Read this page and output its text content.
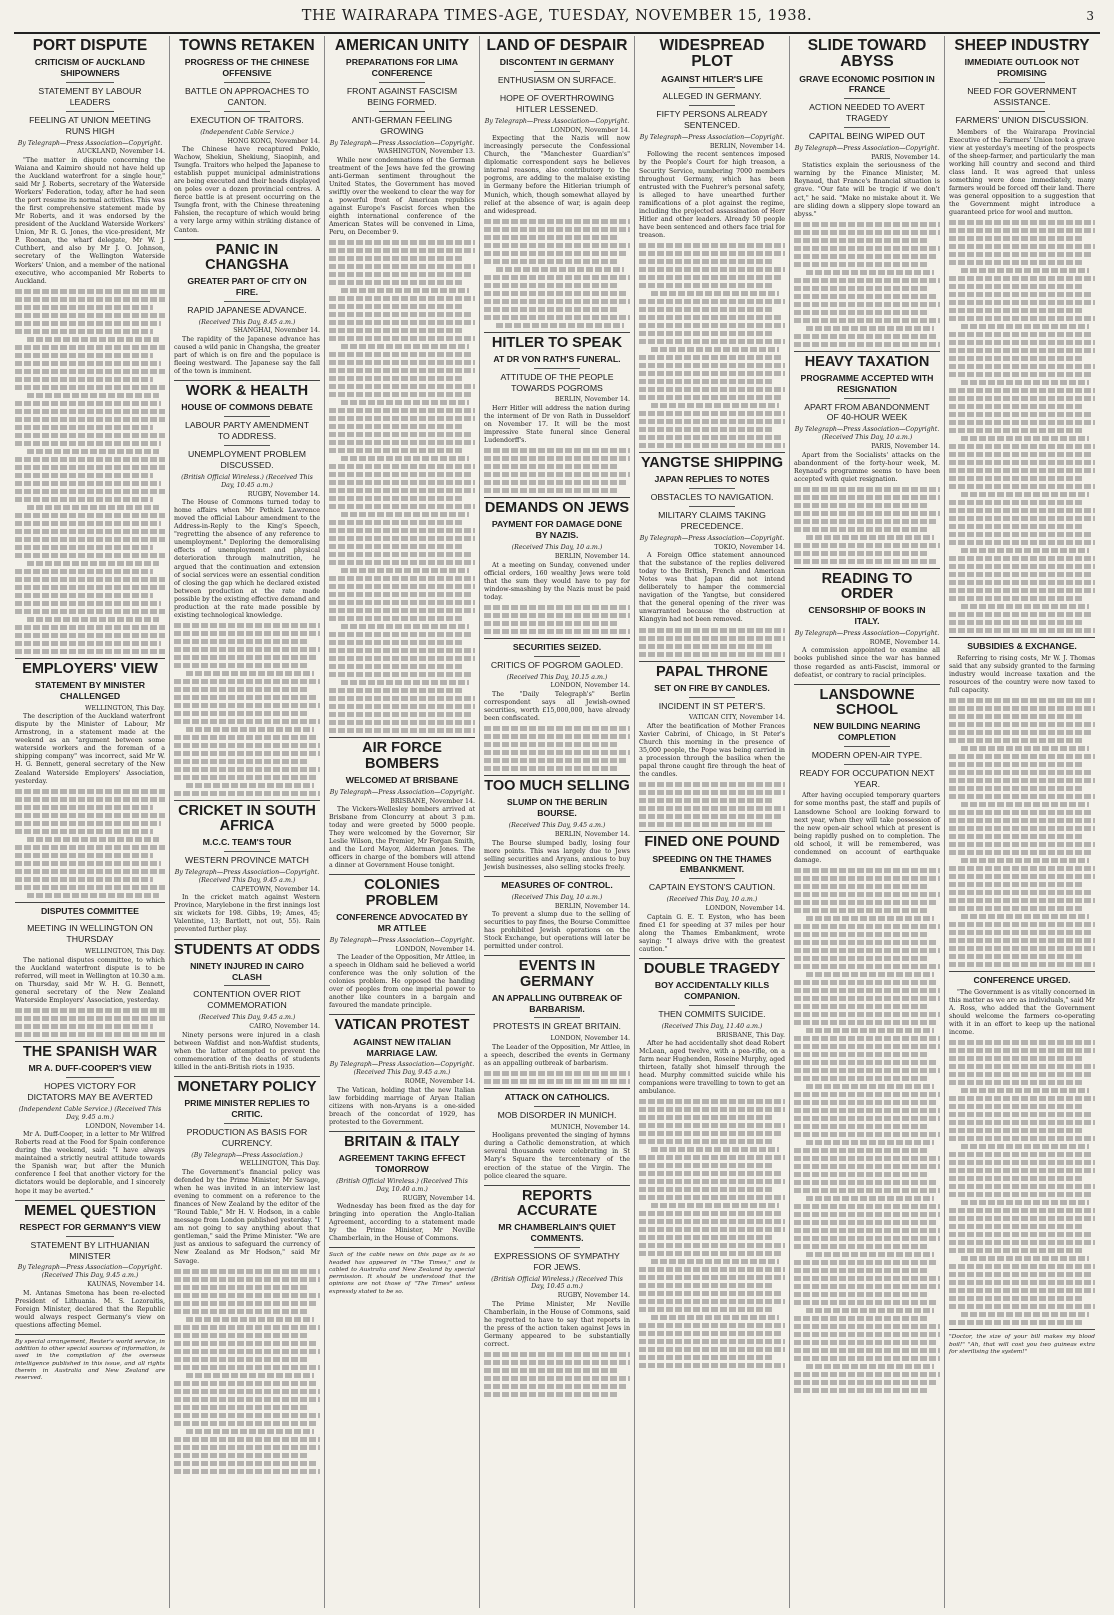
THE WAIRARAPA TIMES-AGE, TUESDAY, NOVEMBER 15, 1938.	3
PORT DISPUTE
CRITICISM OF AUCKLAND SHIPOWNERS
STATEMENT BY LABOUR LEADERS
FEELING AT UNION MEETING RUNS HIGH
By Telegraph—Press Association—Copyright.
AUCKLAND, November 14.

"The matter in dispute concerning the Waiana and Kaimiro should not have held up the Auckland waterfront for a single hour," said Mr J. Roberts, secretary of the Waterside Workers' Federation, today, after he had seen the port resume its normal activities. This was the first comprehensive statement made by Mr Roberts, and it was endorsed by the president of the Auckland Waterside Workers' Union, Mr R. G. Jones, the vice-president, Mr P. Roonan, the wharf delegate, Mr W. J. Cuthbert, and also by Mr J. O. Johnson, secretary of the Wellington Waterside Workers' Union, and a member of the national executive, who accompanied Mr Roberts to Auckland.

EMPLOYERS' VIEW
STATEMENT BY MINISTER CHALLENGED
WELLINGTON, This Day.

The description of the Auckland waterfront dispute by the Minister of Labour, Mr Armstrong, in a statement made at the weekend as an "argument between some waterside workers and the foreman of a shipping company" was incorrect, said Mr W. H. G. Bennett, general secretary of the New Zealand Waterside Employers' Association, yesterday.

DISPUTES COMMITTEE
MEETING IN WELLINGTON ON THURSDAY
WELLINGTON, This Day.

The national disputes committee, to which the Auckland waterfront dispute is to be referred, will meet in Wellington at 10.30 a.m. on Thursday, said Mr W. H. G. Bennett, general secretary of the New Zealand Waterside Employers' Association, yesterday.

THE SPANISH WAR
MR A. DUFF-COOPER'S VIEW
HOPES VICTORY FOR DICTATORS MAY BE AVERTED
(Independent Cable Service.) (Received This Day, 9.45 a.m.)
LONDON, November 14.

Mr A. Duff-Cooper, in a letter to Mr Wilfred Roberts read at the Food for Spain conference during the weekend, said: "I have always maintained a strictly neutral attitude towards the Spanish war, but after the Munich conference I feel that another victory for the dictators would be deplorable, and I sincerely hope it may be averted."

MEMEL QUESTION
RESPECT FOR GERMANY'S VIEW
STATEMENT BY LITHUANIAN MINISTER
By Telegraph—Press Association—Copyright. (Received This Day, 9.45 a.m.)
KAUNAS, November 14.

M. Antanas Smetona has been re-elected President of Lithuania. M. S. Lozoraitis, Foreign Minister, declared that the Republic would always respect Germany's view on questions affecting Memel.

By special arrangement, Reuter's world service, in addition to other special sources of information, is used in the compilation of the overseas intelligence published in this issue, and all rights therein in Australia and New Zealand are reserved.
TOWNS RETAKEN
PROGRESS OF THE CHINESE OFFENSIVE
BATTLE ON APPROACHES TO CANTON.
EXECUTION OF TRAITORS.
(Independent Cable Service.)
HONG KONG, November 14.

The Chinese have recaptured Poklo, Wachow, Shekiun, Shekiung, Siaopinh, and Tsungfa. Traitors who helped the Japanese to establish puppet municipal administrations are being executed and their heads displayed on poles over a dozen provincial centres. A fierce battle is at present occurring on the Tsungfa front, with the Chinese threatening Fahsien, the recapture of which would bring a very large army within striking distance of Canton.

PANIC IN CHANGSHA
GREATER PART OF CITY ON FIRE.
RAPID JAPANESE ADVANCE.
(Received This Day, 8.45 a.m.)
SHANGHAI, November 14.

The rapidity of the Japanese advance has caused a wild panic in Changsha, the greater part of which is on fire and the populace is fleeing westward. The Japanese say the fall of the town is imminent.

WORK & HEALTH
HOUSE OF COMMONS DEBATE
LABOUR PARTY AMENDMENT TO ADDRESS.
UNEMPLOYMENT PROBLEM DISCUSSED.
(British Official Wireless.) (Received This Day, 10.45 a.m.)
RUGBY, November 14.

The House of Commons turned today to home affairs when Mr Pethick Lawrence moved the official Labour amendment to the Address-in-Reply to the King's Speech, "regretting the absence of any reference to unemployment." Deploring the demoralising effects of unemployment and physical deterioration through malnutrition, he argued that the continuation and extension of social services were an essential condition of closing the gap which he declared existed between production at the rate made possible by the existing effective demand and production at the rate made possible by existing technological knowledge.

CRICKET IN SOUTH AFRICA
M.C.C. TEAM'S TOUR
WESTERN PROVINCE MATCH
By Telegraph—Press Association—Copyright. (Received This Day, 9.45 a.m.)
CAPETOWN, November 14.

In the cricket match against Western Province, Marylebone in the first innings lost six wickets for 198. Gibbs, 19; Ames, 45; Valentine, 13; Bartlett, not out, 55). Rain prevented further play.

STUDENTS AT ODDS
NINETY INJURED IN CAIRO CLASH
CONTENTION OVER RIOT COMMEMORATION
(Received This Day, 9.45 a.m.)
CAIRO, November 14.

Ninety persons were injured in a clash between Wafdist and non-Wafdist students, when the latter attempted to prevent the commemoration of the deaths of students killed in the anti-British riots in 1935.

MONETARY POLICY
PRIME MINISTER REPLIES TO CRITIC.
PRODUCTION AS BASIS FOR CURRENCY.
(By Telegraph—Press Association.)
WELLINGTON, This Day.

The Government's financial policy was defended by the Prime Minister, Mr Savage, when he was invited in an interview last evening to comment on a reference to the finances of New Zealand by the editor of the "Round Table," Mr H. V. Hodson, in a cable message from London published yesterday. "I am not going to say anything about that gentleman," said the Prime Minister. "We are just as anxious to safeguard the currency of New Zealand as Mr Hodson," said Mr Savage.

AMERICAN UNITY
PREPARATIONS FOR LIMA CONFERENCE
FRONT AGAINST FASCISM BEING FORMED.
ANTI-GERMAN FEELING GROWING
By Telegraph—Press Association—Copyright.
WASHINGTON, November 13.

While new condemnations of the German treatment of the Jews have fed the growing anti-German sentiment throughout the United States, the Government has moved swiftly over the weekend to clear the way for a powerful front of American republics against Europe's Fascist forces when the eighth international conference of the American States will be convened in Lima, Peru, on December 9.

AIR FORCE BOMBERS
WELCOMED AT BRISBANE
By Telegraph—Press Association—Copyright.
BRISBANE, November 14.

The Vickers-Wellesley bombers arrived at Brisbane from Cloncurry at about 3 p.m. today and were greeted by 5000 people. They were welcomed by the Governor, Sir Leslie Wilson, the Premier, Mr Forgan Smith, and the Lord Mayor, Alderman Jones. The officers in charge of the bombers will attend a dinner at Government House tonight.

COLONIES PROBLEM
CONFERENCE ADVOCATED BY MR ATTLEE
By Telegraph—Press Association—Copyright.
LONDON, November 14.

The Leader of the Opposition, Mr Attlee, in a speech in Oldham said he believed a world conference was the only solution of the colonies problem. He opposed the handing over of peoples from one imperial power to another like counters in a bargain and favoured the mandate principle.

VATICAN PROTEST
AGAINST NEW ITALIAN MARRIAGE LAW.
By Telegraph—Press Association—Copyright. (Received This Day, 9.45 a.m.)
ROME, November 14.

The Vatican, holding that the new Italian law forbidding marriage of Aryan Italian citizens with non-Aryans is a one-sided breach of the concordat of 1929, has protested to the Government.

BRITAIN & ITALY
AGREEMENT TAKING EFFECT TOMORROW
(British Official Wireless.) (Received This Day, 10.40 a.m.)
RUGBY, November 14.

Wednesday has been fixed as the day for bringing into operation the Anglo-Italian Agreement, according to a statement made by the Prime Minister, Mr Neville Chamberlain, in the House of Commons.

Such of the cable news on this page as is so headed has appeared in "The Times," and is cabled to Australia and New Zealand by special permission. It should be understood that the opinions are not those of "The Times" unless expressly stated to be so.
LAND OF DESPAIR
DISCONTENT IN GERMANY
ENTHUSIASM ON SURFACE.
HOPE OF OVERTHROWING HITLER LESSENED.
By Telegraph—Press Association—Copyright.
LONDON, November 14.

Expecting that the Nazis will now increasingly persecute the Confessional Church, the "Manchester Guardian's" diplomatic correspondent says he believes internal reasons, also contributory to the pogroms, are adding to the malaise existing in Germany before the Hitlerian triumph of Munich, which, though somewhat allayed by relief at the absence of war, is again deep and widespread.

HITLER TO SPEAK
AT DR VON RATH'S FUNERAL.
ATTITUDE OF THE PEOPLE TOWARDS POGROMS
BERLIN, November 14.

Herr Hitler will address the nation during the interment of Dr von Rath in Dusseldorf on November 17. It will be the most impressive State funeral since General Ludendorff's.

DEMANDS ON JEWS
PAYMENT FOR DAMAGE DONE BY NAZIS.
(Received This Day, 10 a.m.)
BERLIN, November 14.

At a meeting on Sunday, convened under official orders, 160 wealthy Jews were told that the sum they would have to pay for window-smashing by the Nazis must be paid today.

SECURITIES SEIZED.
CRITICS OF POGROM GAOLED.
(Received This Day, 10.15 a.m.)
LONDON, November 14.

The "Daily Telegraph's" Berlin correspondent says all Jewish-owned securities, worth £15,000,000, have already been confiscated.

TOO MUCH SELLING
SLUMP ON THE BERLIN BOURSE.
(Received This Day, 9.45 a.m.)
BERLIN, November 14.

The Bourse slumped badly, losing four more points. This was largely due to Jews selling securities and Aryans, anxious to buy Jewish businesses, also selling stocks freely.

MEASURES OF CONTROL.
(Received This Day, 10 a.m.)
BERLIN, November 14.

To prevent a slump due to the selling of securities to pay fines, the Bourse Committee has prohibited Jewish operations on the Stock Exchange, but operations will later be permitted under control.

EVENTS IN GERMANY
AN APPALLING OUTBREAK OF BARBARISM.
PROTESTS IN GREAT BRITAIN.
LONDON, November 14.

The Leader of the Opposition, Mr Attlee, in a speech, described the events in Germany as an appalling outbreak of barbarism.

ATTACK ON CATHOLICS.
MOB DISORDER IN MUNICH.
MUNICH, November 14.

Hooligans prevented the singing of hymns during a Catholic demonstration, at which several thousands were celebrating in St Mary's Square the tercentenary of the erection of the statue of the Virgin. The police cleared the square.

REPORTS ACCURATE
MR CHAMBERLAIN'S QUIET COMMENTS.
EXPRESSIONS OF SYMPATHY FOR JEWS.
(British Official Wireless.) (Received This Day, 10.45 a.m.)
RUGBY, November 14.

The Prime Minister, Mr Neville Chamberlain, in the House of Commons, said he regretted to have to say that reports in the press of the action taken against Jews in Germany appeared to be substantially correct.

WIDESPREAD PLOT
AGAINST HITLER'S LIFE
ALLEGED IN GERMANY.
FIFTY PERSONS ALREADY SENTENCED.
By Telegraph—Press Association—Copyright.
BERLIN, November 14.

Following the recent sentences imposed by the People's Court for high treason, a Security Service, numbering 7000 members throughout Germany, which has been entrusted with the Fuehrer's personal safety, is alleged to have unearthed further ramifications of a plot against the regime, including the projected assassination of Herr Hitler and other leaders. Already 50 people have been sentenced and others face trial for treason.

YANGTSE SHIPPING
JAPAN REPLIES TO NOTES
OBSTACLES TO NAVIGATION.
MILITARY CLAIMS TAKING PRECEDENCE.
By Telegraph—Press Association—Copyright.
TOKIO, November 14.

A Foreign Office statement announced that the substance of the replies delivered today to the British, French and American Notes was that Japan did not intend deliberately to hamper the commercial navigation of the Yangtse, but considered that the general opening of the river was unwarranted because the obstruction at Kiangyin had not been removed.

PAPAL THRONE
SET ON FIRE BY CANDLES.
INCIDENT IN ST PETER'S.
VATICAN CITY, November 14.

After the beatification of Mother Frances Xavier Cabrini, of Chicago, in St Peter's Church this morning in the presence of 35,000 people, the Pope was being carried in a procession through the basilica when the papal throne caught fire through the heat of the candles.

FINED ONE POUND
SPEEDING ON THE THAMES EMBANKMENT.
CAPTAIN EYSTON'S CAUTION.
(Received This Day, 10 a.m.)
LONDON, November 14.

Captain G. E. T. Eyston, who has been fined £1 for speeding at 37 miles per hour along the Thames Embankment, wrote saying: "I always drive with the greatest caution."

DOUBLE TRAGEDY
BOY ACCIDENTALLY KILLS COMPANION.
THEN COMMITS SUICIDE.
(Received This Day, 11.40 a.m.)
BRISBANE, This Day.

After he had accidentally shot dead Robert McLean, aged twelve, with a pea-rifle, on a farm near Hughenden, Roseine Murphy, aged thirteen, fatally shot himself through the head. Murphy committed suicide while his companions were travelling to town to get an ambulance.

SLIDE TOWARD ABYSS
GRAVE ECONOMIC POSITION IN FRANCE
ACTION NEEDED TO AVERT TRAGEDY
CAPITAL BEING WIPED OUT
By Telegraph—Press Association—Copyright.
PARIS, November 14.

Statistics explain the seriousness of the warning by the Finance Minister, M. Reynaud, that France's financial situation is grave. "Our fate will be tragic if we don't act," he said. "Make no mistake about it. We are sliding down a slippery slope toward an abyss."

HEAVY TAXATION
PROGRAMME ACCEPTED WITH RESIGNATION
APART FROM ABANDONMENT OF 40-HOUR WEEK
By Telegraph—Press Association—Copyright. (Received This Day, 10 a.m.)
PARIS, November 14.

Apart from the Socialists' attacks on the abandonment of the forty-hour week, M. Reynaud's programme seems to have been accepted with quiet resignation.

READING TO ORDER
CENSORSHIP OF BOOKS IN ITALY.
By Telegraph—Press Association—Copyright.
ROME, November 14.

A commission appointed to examine all books published since the war has banned those regarded as anti-Fascist, immoral or defeatist, or contrary to racial principles.

LANSDOWNE SCHOOL
NEW BUILDING NEARING COMPLETION
MODERN OPEN-AIR TYPE.
READY FOR OCCUPATION NEXT YEAR.

After having occupied temporary quarters for some months past, the staff and pupils of Lansdowne School are looking forward to next year, when they will take possession of the new open-air school which at present is being rapidly pushed on to completion. The old school, it will be remembered, was condemned on account of earthquake damage.

SHEEP INDUSTRY
IMMEDIATE OUTLOOK NOT PROMISING
NEED FOR GOVERNMENT ASSISTANCE.
FARMERS' UNION DISCUSSION.

Members of the Wairarapa Provincial Executive of the Farmers' Union took a grave view at yesterday's meeting of the prospects of the sheep-farmer, and particularly the man working hill country and second and third class land. It was agreed that unless something were done immediately, many farmers would be forced off their land. There was general opposition to a suggestion that the Government might introduce a guaranteed price for wool and mutton.

SUBSIDIES & EXCHANGE.

Referring to rising costs, Mr W. J. Thomas said that any subsidy granted to the farming industry would increase taxation and the resources of the country were now taxed to full capacity.

CONFERENCE URGED.

"The Government is as vitally concerned in this matter as we are as individuals," said Mr A. Ross, who added that the Government should welcome the farmers co-operating with it in an effort to keep up the national income.

"Doctor, the size of your bill makes my blood boil!" "Ah, that will cost you two guineas extra for sterilising the system!"
